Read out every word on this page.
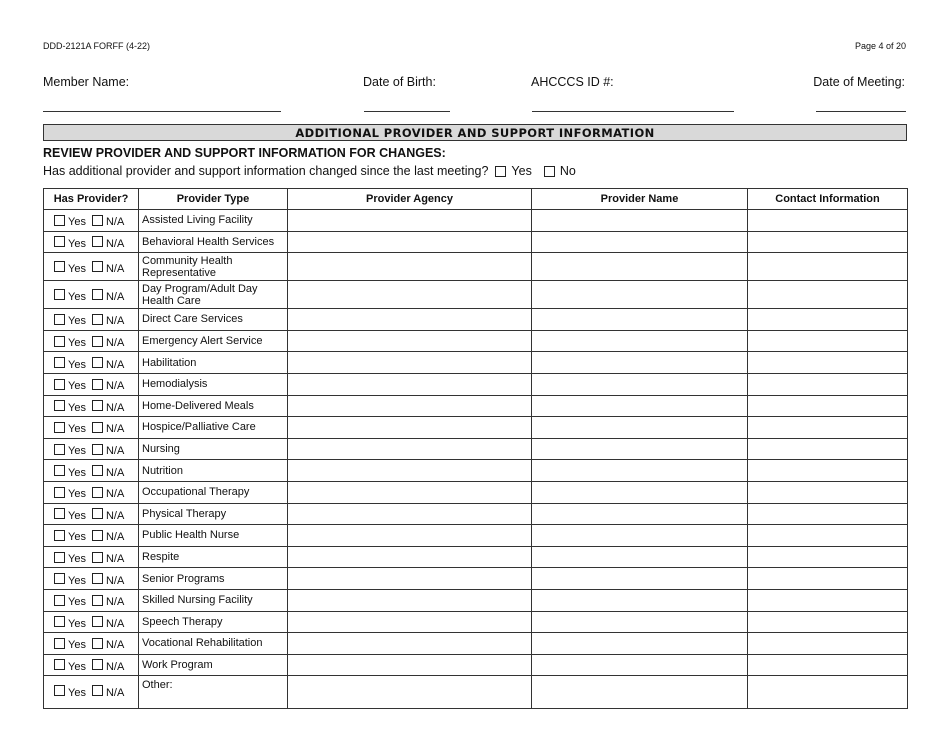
DDD-2121A FORFF (4-22)	Page 4 of 20
Member Name:	Date of Birth:	AHCCCS ID #:	Date of Meeting:
ADDITIONAL PROVIDER AND SUPPORT INFORMATION
REVIEW PROVIDER AND SUPPORT INFORMATION FOR CHANGES:
Has additional provider and support information changed since the last meeting? Yes No
Has Provider?	Provider Type	Provider Agency	Provider Name	Contact Information

Yes N/A	Assisted Living Facility			

Yes N/A	Behavioral Health Services			

Yes N/A	Community Health Representative			

Yes N/A	Day Program/Adult Day Health Care			

Yes N/A	Direct Care Services			

Yes N/A	Emergency Alert Service			

Yes N/A	Habilitation			

Yes N/A	Hemodialysis			

Yes N/A	Home-Delivered Meals			

Yes N/A	Hospice/Palliative Care			

Yes N/A	Nursing			

Yes N/A	Nutrition			

Yes N/A	Occupational Therapy			

Yes N/A	Physical Therapy			

Yes N/A	Public Health Nurse			

Yes N/A	Respite			

Yes N/A	Senior Programs			

Yes N/A	Skilled Nursing Facility			

Yes N/A	Speech Therapy			

Yes N/A	Vocational Rehabilitation			

Yes N/A	Work Program			

Yes N/A	Other:			
